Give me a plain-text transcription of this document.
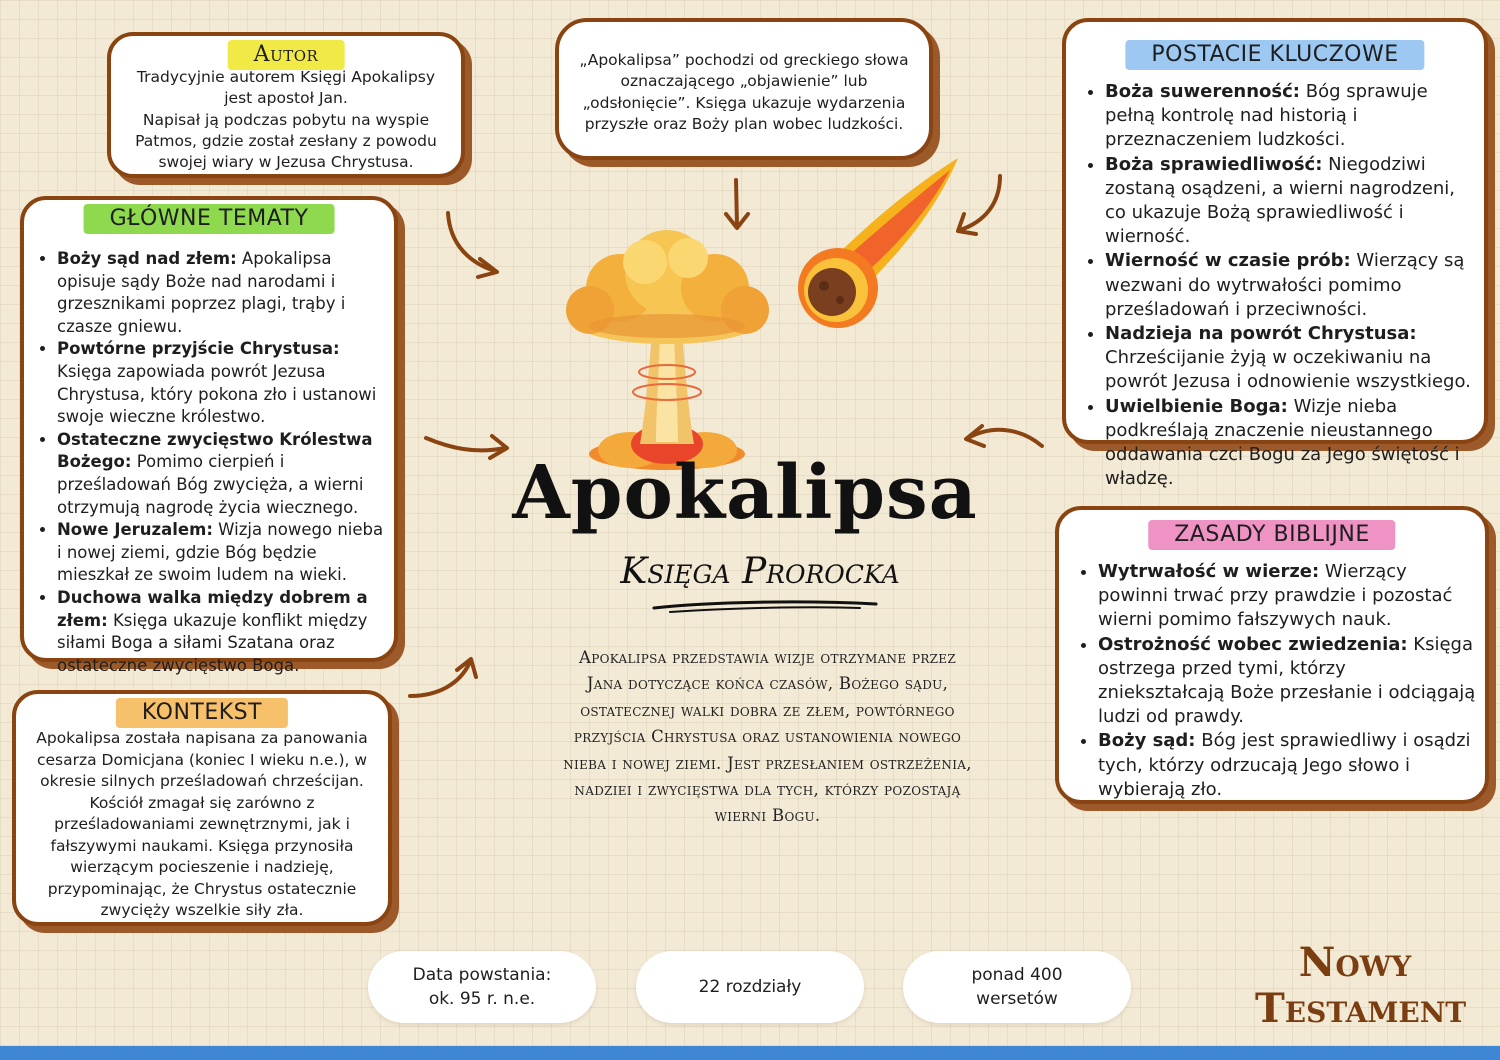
Autor
Tradycyjnie autorem Księgi Apokalipsy
jest apostoł Jan.
Napisał ją podczas pobytu na wyspie
Patmos, gdzie został zesłany z powodu
swojej wiary w Jezusa Chrystusa.
„Apokalipsa” pochodzi od greckiego słowa
oznaczającego „objawienie” lub
„odsłonięcie”. Księga ukazuje wydarzenia
przyszłe oraz Boży plan wobec ludzkości.
GŁÓWNE TEMATY
• Boży sąd nad złem: Apokalipsa opisuje sądy Boże nad narodami i grzesznikami poprzez plagi, trąby i czasze gniewu.
• Powtórne przyjście Chrystusa: Księga zapowiada powrót Jezusa Chrystusa, który pokona zło i ustanowi swoje wieczne królestwo.
• Ostateczne zwycięstwo Królestwa Bożego: Pomimo cierpień i prześladowań Bóg zwycięża, a wierni otrzymują nagrodę życia wiecznego.
• Nowe Jeruzalem: Wizja nowego nieba i nowej ziemi, gdzie Bóg będzie mieszkał ze swoim ludem na wieki.
• Duchowa walka między dobrem a złem: Księga ukazuje konflikt między siłami Boga a siłami Szatana oraz ostateczne zwycięstwo Boga.
KONTEKST
Apokalipsa została napisana za panowania
cesarza Domicjana (koniec I wieku n.e.), w
okresie silnych prześladowań chrześcijan.
Kościół zmagał się zarówno z
prześladowaniami zewnętrznymi, jak i
fałszywymi naukami. Księga przynosiła
wierzącym pocieszenie i nadzieję,
przypominając, że Chrystus ostatecznie
zwycięży wszelkie siły zła.
POSTACIE KLUCZOWE
• Boża suwerenność: Bóg sprawuje pełną kontrolę nad historią i przeznaczeniem ludzkości.
• Boża sprawiedliwość: Niegodziwi zostaną osądzeni, a wierni nagrodzeni, co ukazuje Bożą sprawiedliwość i wierność.
• Wierność w czasie prób: Wierzący są wezwani do wytrwałości pomimo prześladowań i przeciwności.
• Nadzieja na powrót Chrystusa: Chrześcijanie żyją w oczekiwaniu na powrót Jezusa i odnowienie wszystkiego.
• Uwielbienie Boga: Wizje nieba podkreślają znaczenie nieustannego oddawania czci Bogu za Jego świętość i władzę.
ZASADY BIBLIJNE
• Wytrwałość w wierze: Wierzący powinni trwać przy prawdzie i pozostać wierni pomimo fałszywych nauk.
• Ostrożność wobec zwiedzenia: Księga ostrzega przed tymi, którzy zniekształcają Boże przesłanie i odciągają ludzi od prawdy.
• Boży sąd: Bóg jest sprawiedliwy i osądzi tych, którzy odrzucają Jego słowo i wybierają zło.
Apokalipsa
Księga Prorocka
Apokalipsa przedstawia wizje otrzymane przez
Jana dotyczące końca czasów, Bożego sądu,
ostatecznej walki dobra ze złem, powtórnego
przyjścia Chrystusa oraz ustanowienia nowego
nieba i nowej ziemi. Jest przesłaniem ostrzeżenia,
nadziei i zwycięstwa dla tych, którzy pozostają
wierni Bogu.
Data powstania:
ok. 95 r. n.e.
22 rozdziały
ponad 400
wersetów
Nowy
Testament
